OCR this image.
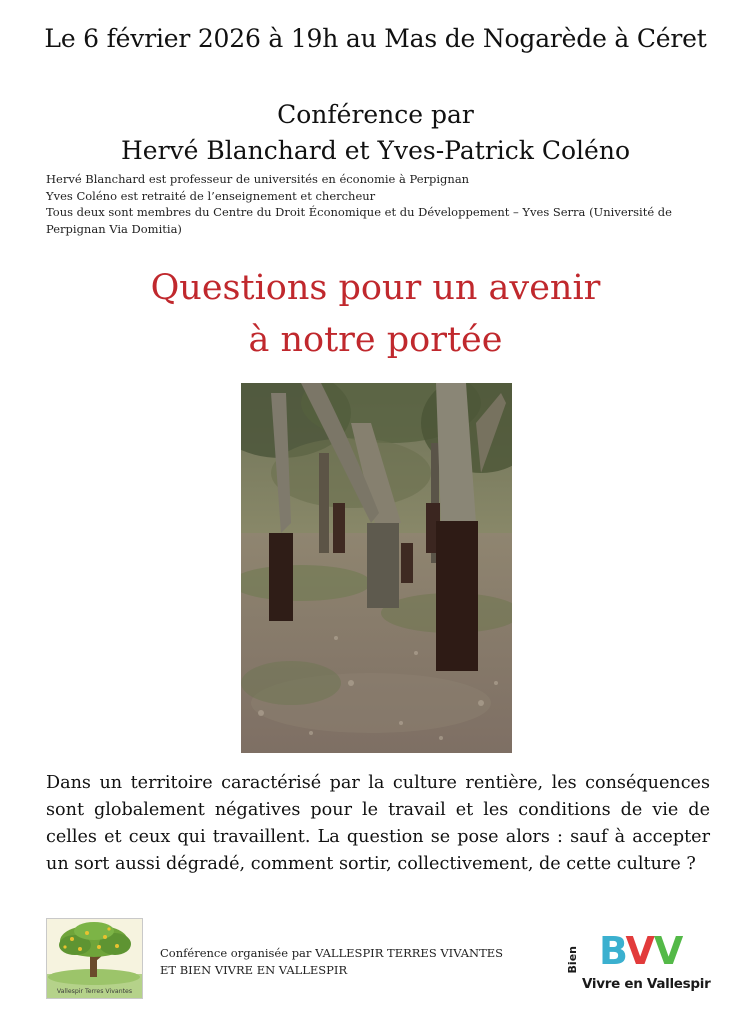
Le 6 février 2026 à 19h au Mas de Nogarède à Céret
Conférence par
Hervé Blanchard et Yves-Patrick Coléno
Hervé Blanchard est professeur de universités en économie à Perpignan
Yves Coléno est retraité de l’enseignement et chercheur
Tous deux sont membres du Centre du Droit Économique et du Développement – Yves Serra (Université de
Perpignan Via Domitia)
Questions pour un avenir
à notre portée
Dans un territoire caractérisé par la culture rentière, les conséquences sont globalement négatives pour le travail et les conditions de vie de celles et ceux qui travaillent. La question se pose alors : sauf à accepter un sort aussi dégradé, comment sortir, collectivement, de cette culture ?
Vallespir Terres Vivantes
Conférence organisée par VALLESPIR TERRES VIVANTES
ET BIEN VIVRE EN VALLESPIR	Bien BVV
Vivre en Vallespir
